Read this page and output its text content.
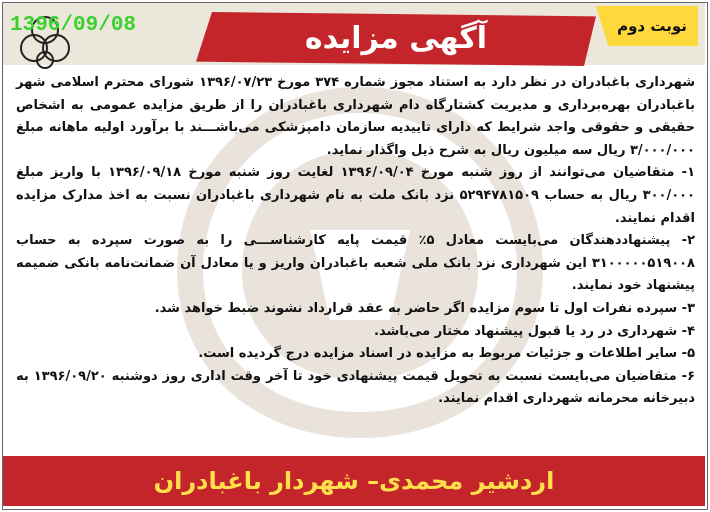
1396/09/08	آگهی مزایده	نوبت دوم

شهرداری باغبادران در نظر دارد به استناد مجوز شماره ۳۷۴ مورخ ۱۳۹۶/۰۷/۲۳ شورای محترم اسلامی شهر باغبادران بهره‌برداری و مدیریت کشتارگاه دام شهرداری باغبادران را از طریق مزایده عمومی به اشخاص حقیقی و حقوقی واجد شرایط که دارای تاییدیه سازمان دامپزشکی می‌باشـــند با برآورد اولیه ماهانه مبلغ ۳/۰۰۰/۰۰۰ ریال سه میلیون ریال به شرح ذیل واگذار نماید.

۱- متقاضیان می‌توانند از روز شنبه مورخ ۱۳۹۶/۰۹/۰۴ لغایت روز شنبه مورخ ۱۳۹۶/۰۹/۱۸ با واریز مبلغ ۳۰۰/۰۰۰ ریال به حساب ۵۲۹۴۷۸۱۵۰۹ نزد بانک ملت به نام شهرداری باغبادران نسبت به اخذ مدارک مزایده اقدام نمایند.

۲- پیشنهاددهندگان می‌بایست معادل ۵٪ قیمت پایه کارشناســـی را به صورت سپرده به حساب ۳۱۰۰۰۰۰۵۱۹۰۰۸ این شهرداری نزد بانک ملی شعبه باغبادران واریز و یا معادل آن ضمانت‌نامه بانکی ضمیمه پیشنهاد خود نمایند.

۳- سپرده نفرات اول تا سوم مزایده اگر حاضر به عقد قرارداد نشوند ضبط خواهد شد.

۴- شهرداری در رد یا قبول پیشنهاد مختار می‌باشد.

۵- سایر اطلاعات و جزئیات مربوط به مزایده در اسناد مزایده درج گردیده است.

۶- متقاضیان می‌بایست نسبت به تحویل قیمت پیشنهادی خود تا آخر وقت اداری روز دوشنبه ۱۳۹۶/۰۹/۲۰ به دبیرخانه محرمانه شهرداری اقدام نمایند.

اردشیر محمدی– شهردار باغبادران
